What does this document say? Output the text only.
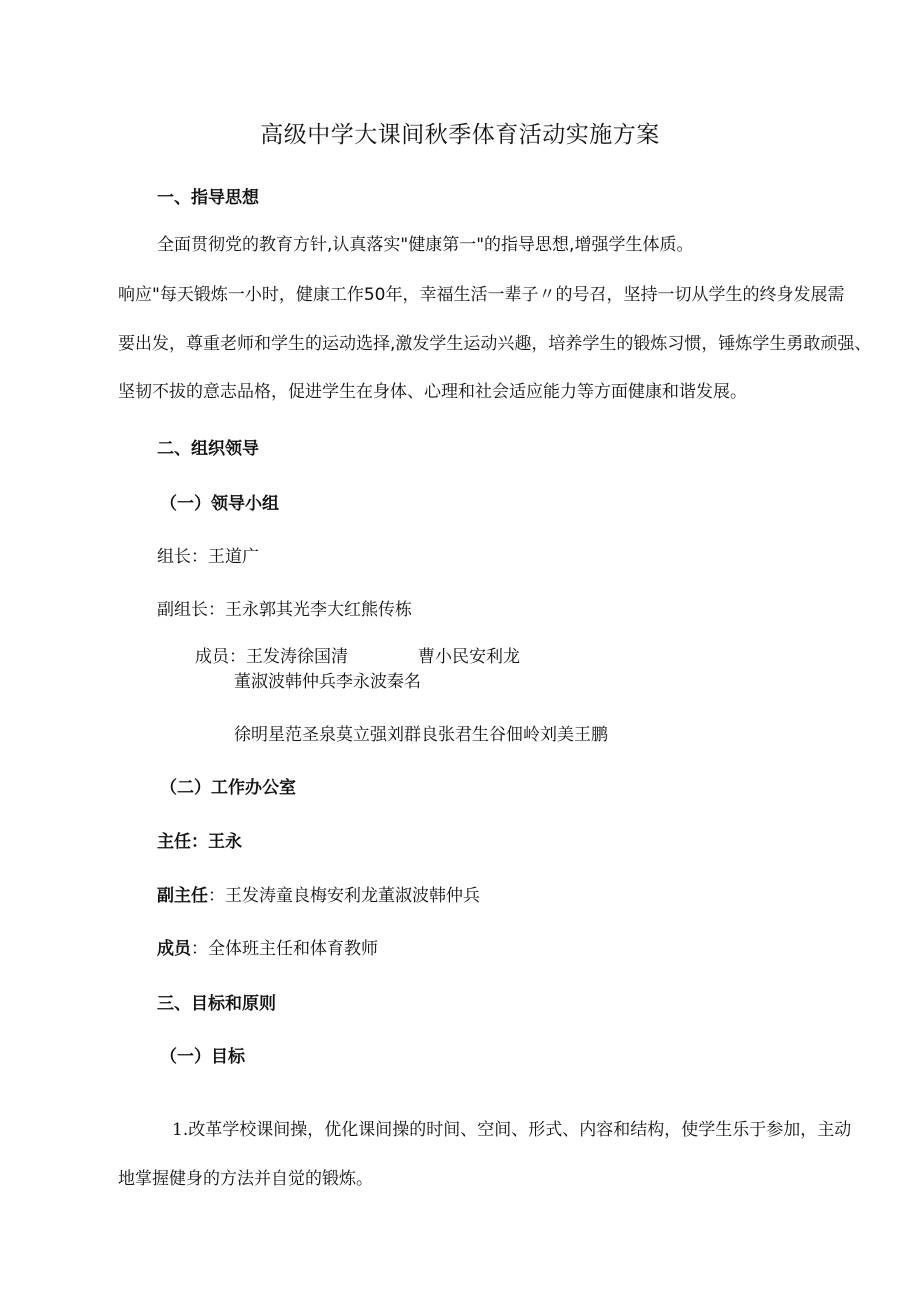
高级中学大课间秋季体育活动实施方案
一、指导思想
全面贯彻党的教育方针,认真落实"健康第一"的指导思想,增强学生体质。
响应"每天锻炼一小时，健康工作50年，幸福生活一辈子〃的号召，坚持一切从学生的终身发展需
要出发，尊重老师和学生的运动选择,激发学生运动兴趣，培养学生的锻炼习惯，锤炼学生勇敢顽强、
坚韧不拔的意志品格，促进学生在身体、心理和社会适应能力等方面健康和谐发展。
二、组织领导
（一）领导小组
组长：王道广
副组长：王永郭其光李大红熊传栋
成员：王发涛徐国清	曹小民安利龙
董淑波韩仲兵李永波秦名
徐明星范圣泉莫立强刘群良张君生谷佃岭刘美王鹏
（二）工作办公室
主任：王永
副主任：王发涛童良梅安利龙董淑波韩仲兵
成员：全体班主任和体育教师
三、目标和原则
（一）目标
1.改革学校课间操，优化课间操的时间、空间、形式、内容和结构，使学生乐于参加，主动
地掌握健身的方法并自觉的锻炼。
